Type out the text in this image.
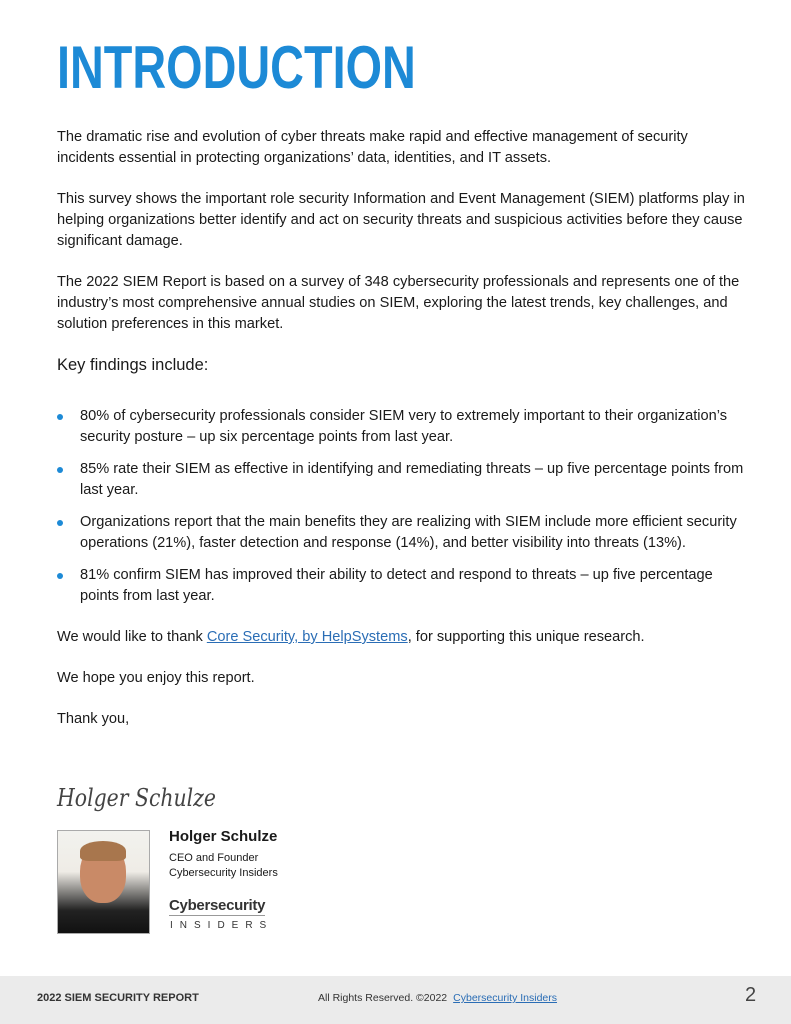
INTRODUCTION

The dramatic rise and evolution of cyber threats make rapid and effective management of security incidents essential in protecting organizations’ data, identities, and IT assets.

This survey shows the important role security Information and Event Management (SIEM) platforms play in helping organizations better identify and act on security threats and suspicious activities before they cause significant damage.

The 2022 SIEM Report is based on a survey of 348 cybersecurity professionals and represents one of the industry’s most comprehensive annual studies on SIEM, exploring the latest trends, key challenges, and solution preferences in this market.

Key findings include:

80% of cybersecurity professionals consider SIEM very to extremely important to their organization’s security posture – up six percentage points from last year.
85% rate their SIEM as effective in identifying and remediating threats – up five percentage points from last year.
Organizations report that the main benefits they are realizing with SIEM include more efficient security operations (21%), faster detection and response (14%), and better visibility into threats (13%).
81% confirm SIEM has improved their ability to detect and respond to threats – up five percentage points from last year.

We would like to thank Core Security, by HelpSystems, for supporting this unique research.

We hope you enjoy this report.

Thank you,

Holger Schulze
Holger Schulze
CEO and Founder
Cybersecurity Insiders
Cybersecurity
INSIDERS
2022 SIEM SECURITY REPORT	All Rights Reserved. ©2022 Cybersecurity Insiders	2
